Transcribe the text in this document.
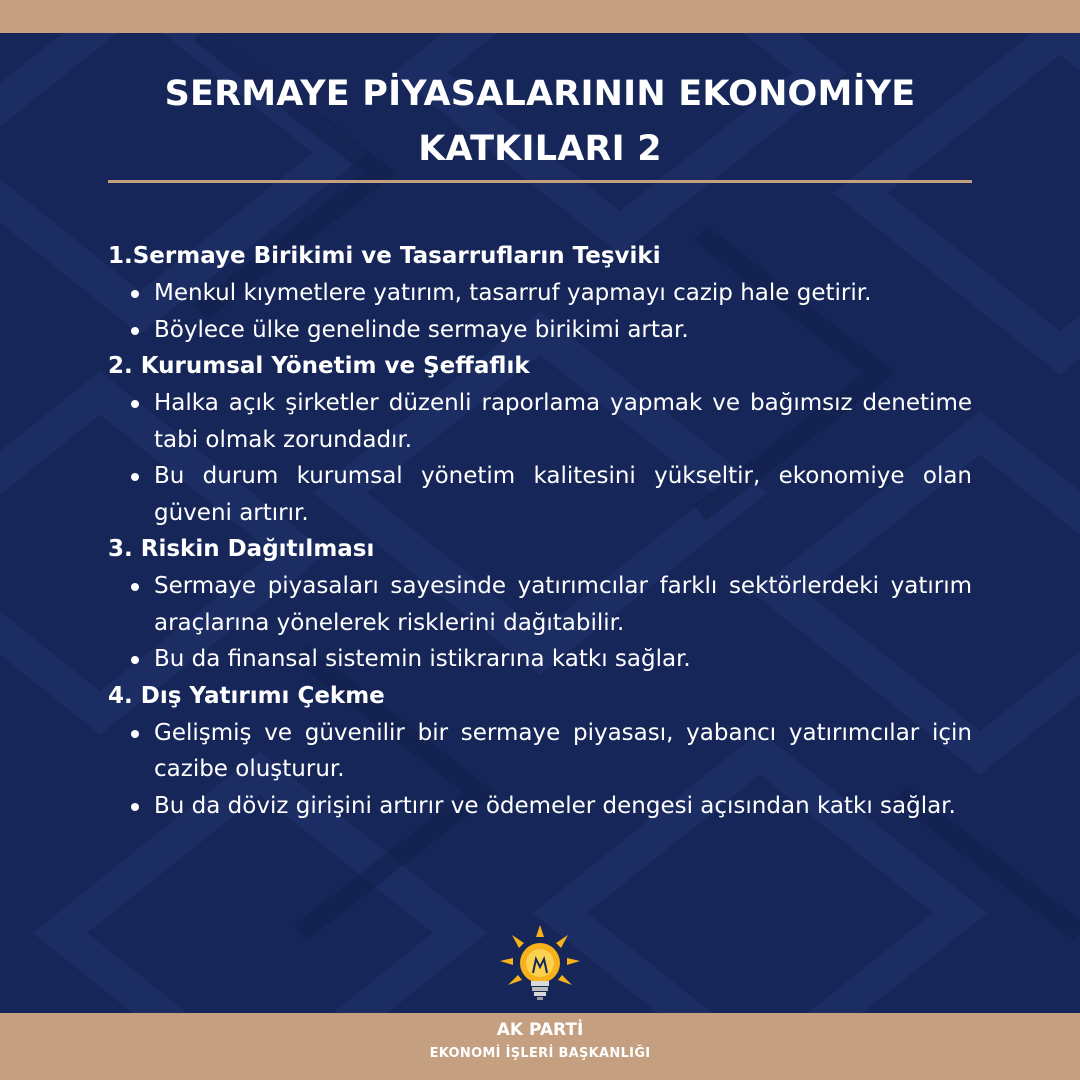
SERMAYE PİYASALARININ EKONOMİYE
KATKILARI 2
1.Sermaye Birikimi ve Tasarrufların Teşviki
Menkul kıymetlere yatırım, tasarruf yapmayı cazip hale getirir.
Böylece ülke genelinde sermaye birikimi artar.
2. Kurumsal Yönetim ve Şeffaflık
Halka açık şirketler düzenli raporlama yapmak ve bağımsız denetime tabi olmak zorundadır.
Bu durum kurumsal yönetim kalitesini yükseltir, ekonomiye olan güveni artırır.
3. Riskin Dağıtılması
Sermaye piyasaları sayesinde yatırımcılar farklı sektörlerdeki yatırım araçlarına yönelerek risklerini dağıtabilir.
Bu da finansal sistemin istikrarına katkı sağlar.
4. Dış Yatırımı Çekme
Gelişmiş ve güvenilir bir sermaye piyasası, yabancı yatırımcılar için cazibe oluşturur.
Bu da döviz girişini artırır ve ödemeler dengesi açısından katkı sağlar.
AK PARTİ
EKONOMİ İŞLERİ BAŞKANLIĞI
